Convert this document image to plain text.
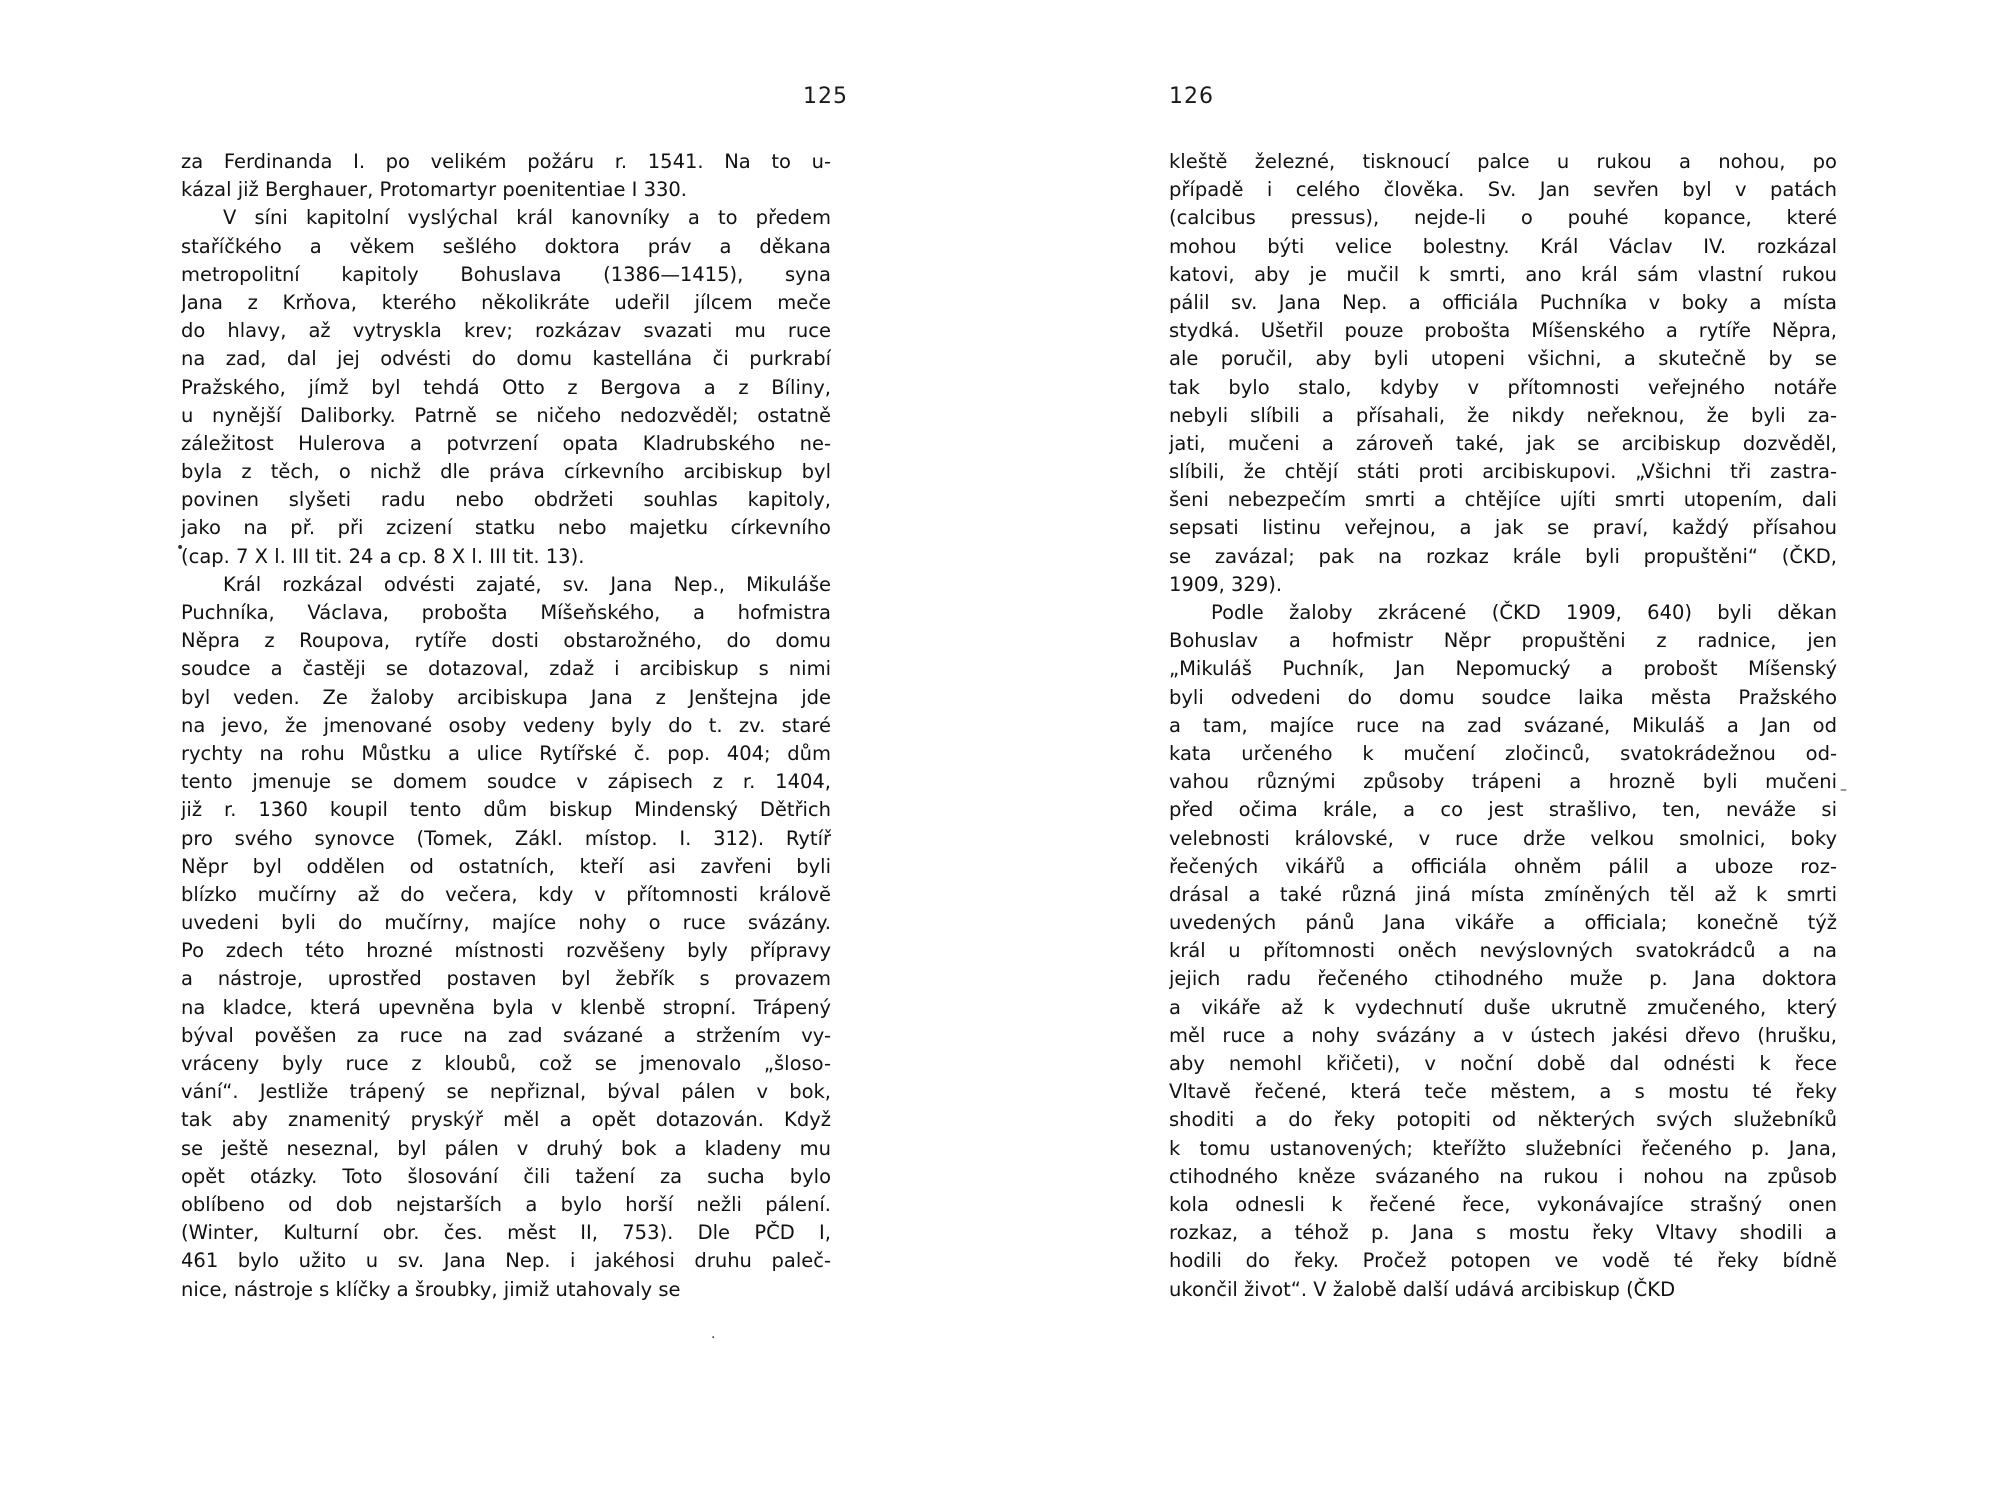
125
za Ferdinanda I. po velikém požáru r. 1541. Na to u-
kázal již Berghauer, Protomartyr poenitentiae I 330.
V síni kapitolní vyslýchal král kanovníky a to předem
staříčkého a věkem sešlého doktora práv a děkana
metropolitní kapitoly Bohuslava (1386—1415), syna
Jana z Krňova, kterého několikráte udeřil jílcem meče
do hlavy, až vytryskla krev; rozkázav svazati mu ruce
na zad, dal jej odvésti do domu kastellána či purkrabí
Pražského, jímž byl tehdá Otto z Bergova a z Bíliny,
u nynější Daliborky. Patrně se ničeho nedozvěděl; ostatně
záležitost Hulerova a potvrzení opata Kladrubského ne-
byla z těch, o nichž dle práva církevního arcibiskup byl
povinen slyšeti radu nebo obdržeti souhlas kapitoly,
jako na př. při zcizení statku nebo majetku církevního
(cap. 7 X l. III tit. 24 a cp. 8 X l. III tit. 13).
Král rozkázal odvésti zajaté, sv. Jana Nep., Mikuláše
Puchníka, Václava, proboštа Míšeňského, a hofmistra
Něpra z Roupova, rytíře dosti obstarožného, do domu
soudce a častěji se dotazoval, zdaž i arcibiskup s nimi
byl veden. Ze žaloby arcibiskupa Jana z Jenštejna jde
na jevo, že jmenované osoby vedeny byly do t. zv. staré
rychty na rohu Můstku a ulice Rytířské č. pop. 404; dům
tento jmenuje se domem soudce v zápisech z r. 1404,
již r. 1360 koupil tento dům biskup Mindenský Dětřich
pro svého synovce (Tomek, Zákl. místop. I. 312). Rytíř
Něpr byl oddělen od ostatních, kteří asi zavřeni byli
blízko mučírny až do večera, kdy v přítomnosti královĕ
uvedeni byli do mučírny, majíce nohy o ruce svázány.
Po zdech této hrozné místnosti rozvěšeny byly přípravy
a nástroje, uprostřed postaven byl žebřík s provazem
na kladce, která upevněna byla v klenbě stropní. Trápený
býval pověšen za ruce na zad svázané a stržením vy-
vráceny byly ruce z kloubů, což se jmenovalo „šloso-
vání“. Jestliže trápený se nepřiznal, býval pálen v bok,
tak aby znamenitý pryskýř měl a opět dotazován. Když
se ještě neseznal, byl pálen v druhý bok a kladeny mu
opět otázky. Toto šlosování čili tažení za sucha bylo
oblíbeno od dob nejstarších a bylo horší nežli pálení.
(Winter, Kulturní obr. čes. měst II, 753). Dle PČD I,
461 bylo užito u sv. Jana Nep. i jakéhosi druhu paleč-
nice, nástroje s klíčky a šroubky, jimiž utahovaly se
126
kleště železné, tisknoucí palce u rukou a nohou, po
případě i celého člověka. Sv. Jan sevřen byl v patách
(calcibus pressus), nejde-li o pouhé kopance, které
mohou býti velice bolestny. Král Václav IV. rozkázal
katovi, aby je mučil k smrti, ano král sám vlastní rukou
pálil sv. Jana Nep. a officiála Puchníka v boky a místa
stydká. Ušetřil pouze probošta Míšenského a rytíře Něpra,
ale poručil, aby byli utopeni všichni, a skutečně by se
tak bylo stalo, kdyby v přítomnosti veřejného notáře
nebyli slíbili a přísahali, že nikdy neřeknou, že byli za-
jati, mučeni a zároveň také, jak se arcibiskup dozvěděl,
slíbili, že chtějí státi proti arcibiskupovi. „Všichni tři zastra-
šeni nebezpečím smrti a chtějíce ujíti smrti utopením, dali
sepsati listinu veřejnou, a jak se praví, každý přísahou
se zavázal; pak na rozkaz krále byli propuštěni“ (ČKD,
1909, 329).
Podle žaloby zkrácené (ČKD 1909, 640) byli děkan
Bohuslav a hofmistr Něpr propuštěni z radnice, jen
„Mikuláš Puchník, Jan Nepomucký a probošt Míšenský
byli odvedeni do domu soudce laika města Pražského
a tam, majíce ruce na zad svázané, Mikuláš a Jan od
kata určeného k mučení zločinců, svatokrádežnou od-
vahou různými způsoby trápeni a hrozně byli mučeni
před očima krále, a co jest strašlivo, ten, neváže si
velebnosti královské, v ruce drže velkou smolnici, boky
řečených vikářů a officiála ohněm pálil a uboze roz-
drásal a také různá jiná místa zmíněných těl až k smrti
uvedených pánů Jana vikáře a officiala; konečně týž
král u přítomnosti oněch nevýslovných svatokrádců a na
jejich radu řečeného ctihodného muže p. Jana doktora
a vikáře až k vydechnutí duše ukrutně zmučeného, který
měl ruce a nohy svázány a v ústech jakési dřevo (hrušku,
aby nemohl křičeti), v noční době dal odnésti k řece
Vltavě řečené, která teče městem, a s mostu té řeky
shoditi a do řeky potopiti od některých svých služebníků
k tomu ustanovených; kteřížto služebníci řečeného p. Jana,
ctihodného kněze svázaného na rukou i nohou na způsob
kola odnesli k řečené řece, vykonávajíce strašný onen
rozkaz, a téhož p. Jana s mostu řeky Vltavy shodili a
hodili do řeky. Pročež potopen ve vodě té řeky bídně
ukončil život“. V žalobě další udává arcibiskup (ČKD
•
·
–
